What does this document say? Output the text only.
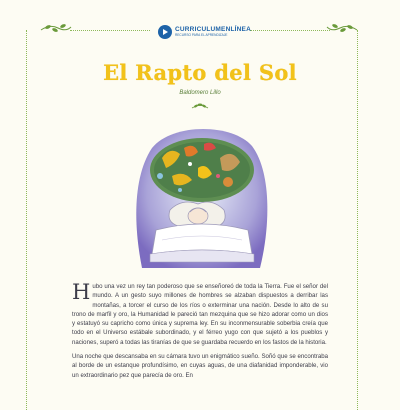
CURRICULUMENLÍNEA
RECURSO PARA EL APRENDIZAJE
El Rapto del Sol
Baldomero Lillo

Hubo una vez un rey tan poderoso que se enseñoreó de toda la Tierra. Fue el señor del mundo. A un gesto suyo millones de hombres se alzaban dispuestos a derribar las montañas, a torcer el curso de los ríos o exterminar una nación. Desde lo alto de su trono de marfil y oro, la Humanidad le pareció tan mezquina que se hizo adorar como un dios y estatuyó su capricho como única y suprema ley. En su inconmensurable soberbia creía que todo en el Universo estábale subordinado, y el férreo yugo con que sujetó a los pueblos y naciones, superó a todas las tiranías de que se guardaba recuerdo en los fastos de la historia.

Una noche que descansaba en su cámara tuvo un enigmático sueño. Soñó que se encontraba al borde de un estanque profundísimo, en cuyas aguas, de una diafanidad imponderable, vio un extraordinario pez que parecía de oro. En
